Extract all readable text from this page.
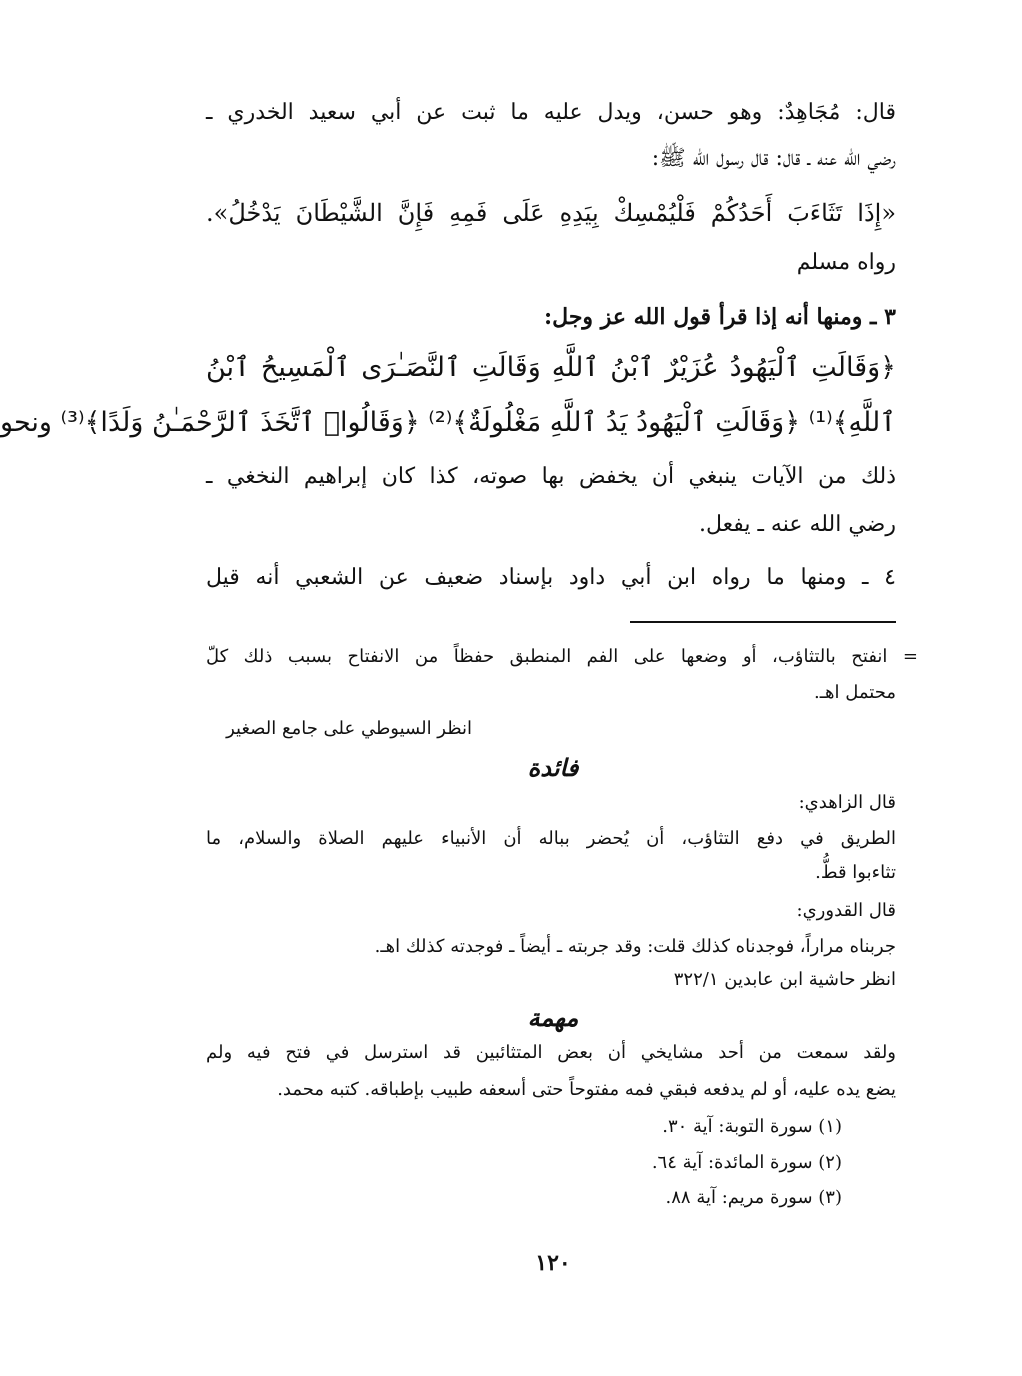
قال: مُجَاهِدٌ: وهو حسن، ويدل عليه ما ثبت عن أبي سعيد الخدري ـ
رضي الله عنه ـ قال: قال رسول الله ﷺ:
«إِذَا تَثَاءَبَ أَحَدُكُمْ فَلْيُمْسِكْ بِيَدِهِ عَلَى فَمِهِ فَإِنَّ الشَّيْطَانَ يَدْخُلُ».
رواه مسلم
٣ ـ ومنها أنه إذا قرأ قول الله عز وجل:
﴿وَقَالَتِ ٱلْيَهُودُ عُزَيْرٌ ٱبْنُ ٱللَّهِ وَقَالَتِ ٱلنَّصَـٰرَى ٱلْمَسِيحُ ٱبْنُ
ٱللَّهِ﴾⁽¹⁾ ﴿وَقَالَتِ ٱلْيَهُودُ يَدُ ٱللَّهِ مَغْلُولَةٌ﴾⁽²⁾ ﴿وَقَالُوا۟ ٱتَّخَذَ ٱلرَّحْمَـٰنُ وَلَدًا﴾⁽³⁾ ونحو
ذلك من الآيات ينبغي أن يخفض بها صوته، كذا كان إبراهيم النخغي ـ
رضي الله عنه ـ يفعل.
٤ ـ ومنها ما رواه ابن أبي داود بإسناد ضعيف عن الشعبي أنه قيل
= انفتح بالتثاؤب، أو وضعها على الفم المنطبق حفظاً من الانفتاح بسبب ذلك كلّ
محتمل اهـ.
انظر السيوطي على جامع الصغير
فائدة
قال الزاهدي:
الطريق في دفع التثاؤب، أن يُحضر بباله أن الأنبياء عليهم الصلاة والسلام، ما
تثاءبوا قطُّ.
قال القدوري:
جربناه مراراً، فوجدناه كذلك قلت: وقد جربته ـ أيضاً ـ فوجدته كذلك اهـ.
انظر حاشية ابن عابدين ٣٢٢/١
مهمة
ولقد سمعت من أحد مشايخي أن بعض المتثائبين قد استرسل في فتح فيه ولم
يضع يده عليه، أو لم يدفعه فبقي فمه مفتوحاً حتى أسعفه طبيب بإطباقه. كتبه محمد.
(١) سورة التوبة: آية ٣٠.
(٢) سورة المائدة: آية ٦٤.
(٣) سورة مريم: آية ٨٨.
١٢٠
